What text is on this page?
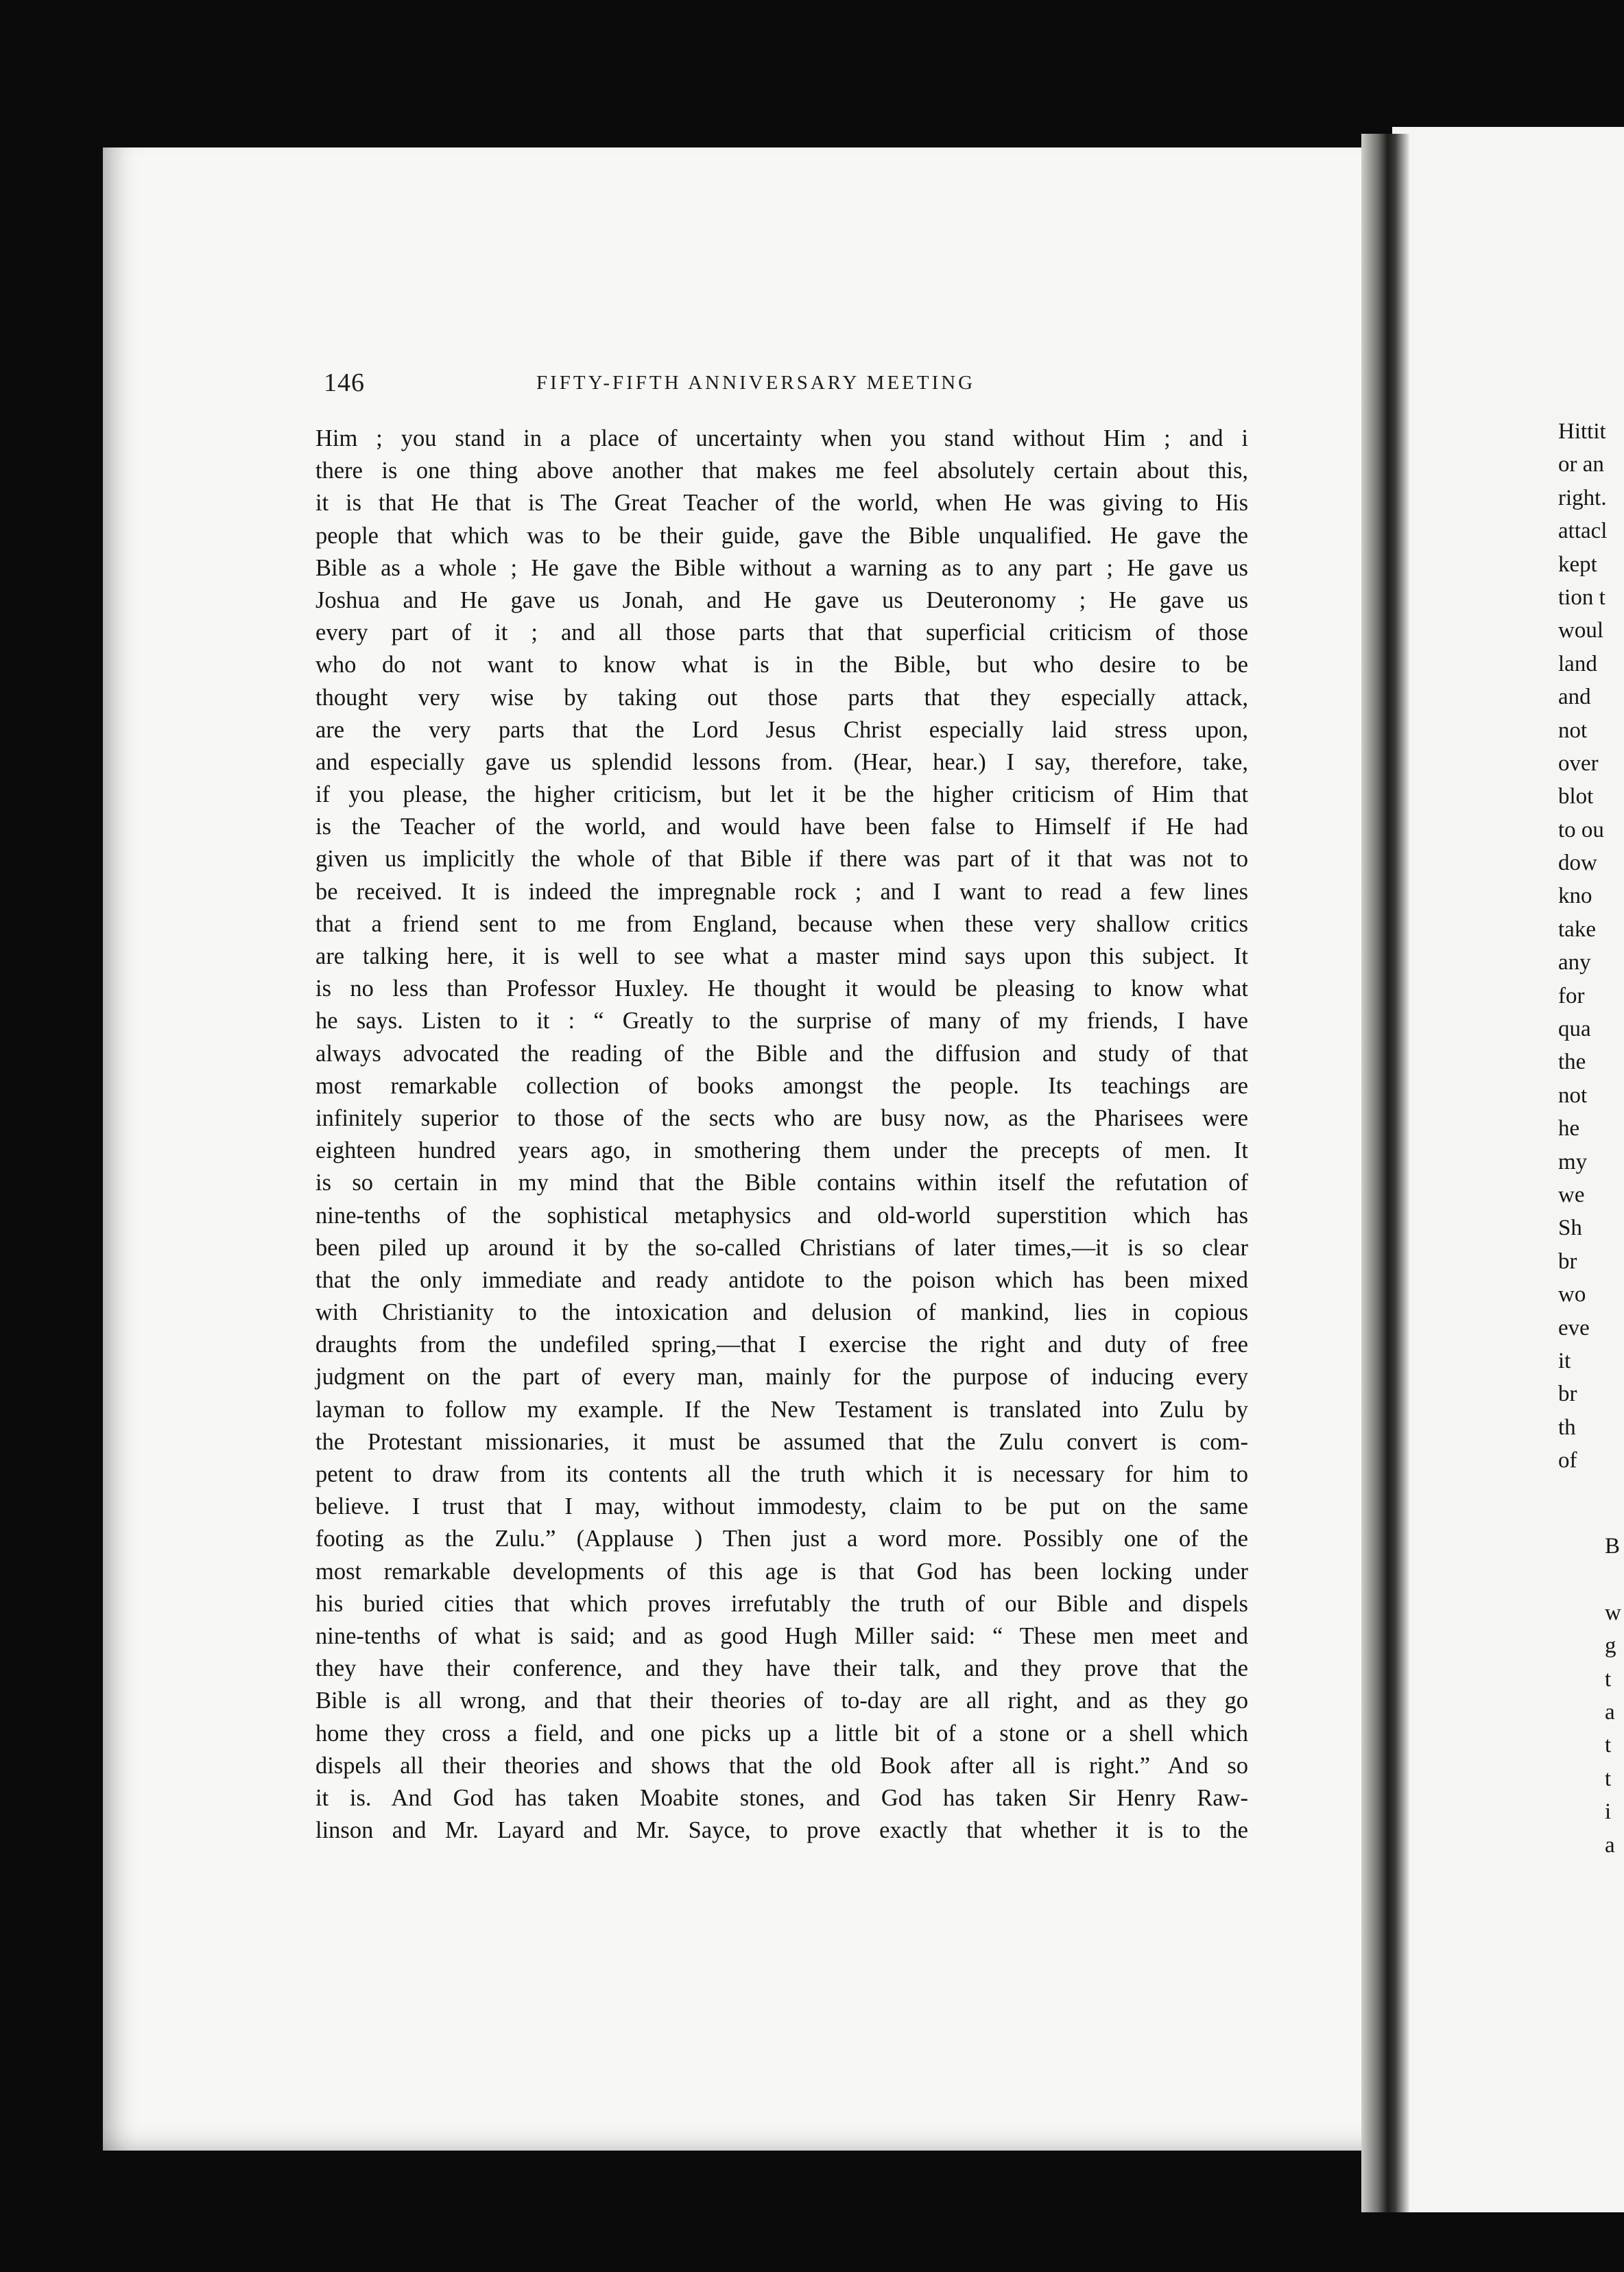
146	FIFTY-FIFTH ANNIVERSARY MEETING
Him ; you stand in a place of uncertainty when you stand without Him ; and i
there is one thing above another that makes me feel absolutely certain about this,
it is that He that is The Great Teacher of the world, when He was giving to His
people that which was to be their guide, gave the Bible unqualified. He gave the
Bible as a whole ; He gave the Bible without a warning as to any part ; He gave us
Joshua and He gave us Jonah, and He gave us Deuteronomy ; He gave us
every part of it ; and all those parts that that superficial criticism of those
who do not want to know what is in the Bible, but who desire to be
thought very wise by taking out those parts that they especially attack,
are the very parts that the Lord Jesus Christ especially laid stress upon,
and especially gave us splendid lessons from. (Hear, hear.) I say, therefore, take,
if you please, the higher criticism, but let it be the higher criticism of Him that
is the Teacher of the world, and would have been false to Himself if He had
given us implicitly the whole of that Bible if there was part of it that was not to
be received. It is indeed the impregnable rock ; and I want to read a few lines
that a friend sent to me from England, because when these very shallow critics
are talking here, it is well to see what a master mind says upon this subject. It
is no less than Professor Huxley. He thought it would be pleasing to know what
he says. Listen to it : “ Greatly to the surprise of many of my friends, I have
always advocated the reading of the Bible and the diffusion and study of that
most remarkable collection of books amongst the people. Its teachings are
infinitely superior to those of the sects who are busy now, as the Pharisees were
eighteen hundred years ago, in smothering them under the precepts of men. It
is so certain in my mind that the Bible contains within itself the refutation of
nine-tenths of the sophistical metaphysics and old-world superstition which has
been piled up around it by the so-called Christians of later times,—it is so clear
that the only immediate and ready antidote to the poison which has been mixed
with Christianity to the intoxication and delusion of mankind, lies in copious
draughts from the undefiled spring,—that I exercise the right and duty of free
judgment on the part of every man, mainly for the purpose of inducing every
layman to follow my example. If the New Testament is translated into Zulu by
the Protestant missionaries, it must be assumed that the Zulu convert is com-
petent to draw from its contents all the truth which it is necessary for him to
believe. I trust that I may, without immodesty, claim to be put on the same
footing as the Zulu.” (Applause ) Then just a word more. Possibly one of the
most remarkable developments of this age is that God has been locking under
his buried cities that which proves irrefutably the truth of our Bible and dispels
nine-tenths of what is said; and as good Hugh Miller said: “ These men meet and
they have their conference, and they have their talk, and they prove that the
Bible is all wrong, and that their theories of to-day are all right, and as they go
home they cross a field, and one picks up a little bit of a stone or a shell which
dispels all their theories and shows that the old Book after all is right.” And so
it is. And God has taken Moabite stones, and God has taken Sir Henry Raw-
linson and Mr. Layard and Mr. Sayce, to prove exactly that whether it is to the
Hittit
or an
right.
attacl
kept
tion t
woul
land
and
not
over
blot
to ou
dow
kno
take
any
for
qua
the
not
he
my
we
Sh
br
wo
eve
it
br
th
of
B
w
g
t
a
t
t
i
a
